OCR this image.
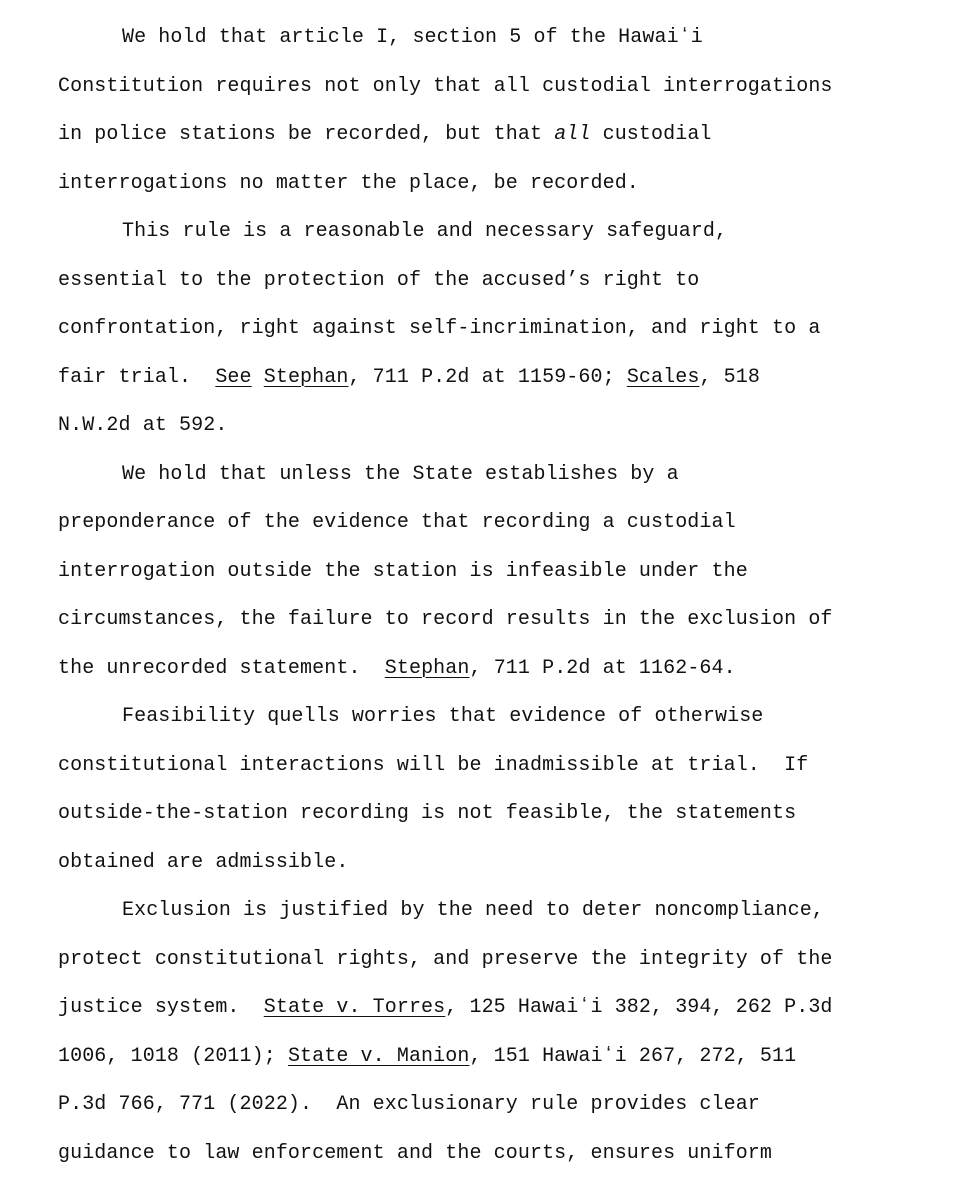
We hold that article I, section 5 of the Hawaiʻi
Constitution requires not only that all custodial interrogations
in police stations be recorded, but that all custodial
interrogations no matter the place, be recorded.
This rule is a reasonable and necessary safeguard,
essential to the protection of the accused’s right to
confrontation, right against self-incrimination, and right to a
fair trial.  See Stephan, 711 P.2d at 1159-60; Scales, 518
N.W.2d at 592.
We hold that unless the State establishes by a
preponderance of the evidence that recording a custodial
interrogation outside the station is infeasible under the
circumstances, the failure to record results in the exclusion of
the unrecorded statement.  Stephan, 711 P.2d at 1162-64.
Feasibility quells worries that evidence of otherwise
constitutional interactions will be inadmissible at trial.  If
outside-the-station recording is not feasible, the statements
obtained are admissible.
Exclusion is justified by the need to deter noncompliance,
protect constitutional rights, and preserve the integrity of the
justice system.  State v. Torres, 125 Hawaiʻi 382, 394, 262 P.3d
1006, 1018 (2011); State v. Manion, 151 Hawaiʻi 267, 272, 511
P.3d 766, 771 (2022).  An exclusionary rule provides clear
guidance to law enforcement and the courts, ensures uniform
